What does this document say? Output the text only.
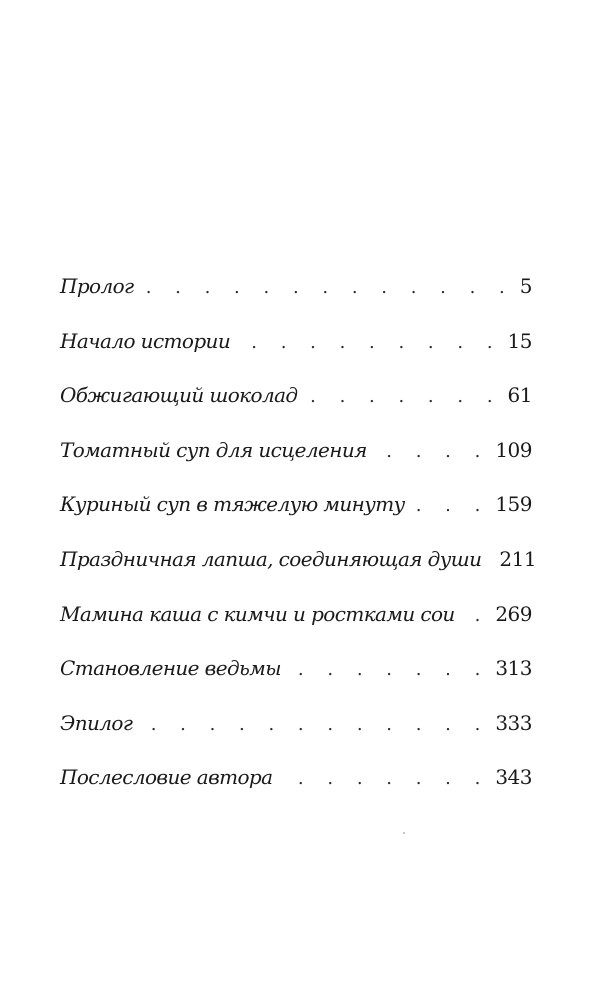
Пролог . . .	5
Начало истории . . .	15
Обжигающий шоколад . . .	61
Томатный суп для исцеления . . .	109
Куриный суп в тяжелую минуту . . .	159
Праздничная лапша, соединяющая души 211
Мамина каша с кимчи и ростками сои . . . 269
Становление ведьмы . . .	313
Эпилог . . .	333
Послесловие автора . . .	343
